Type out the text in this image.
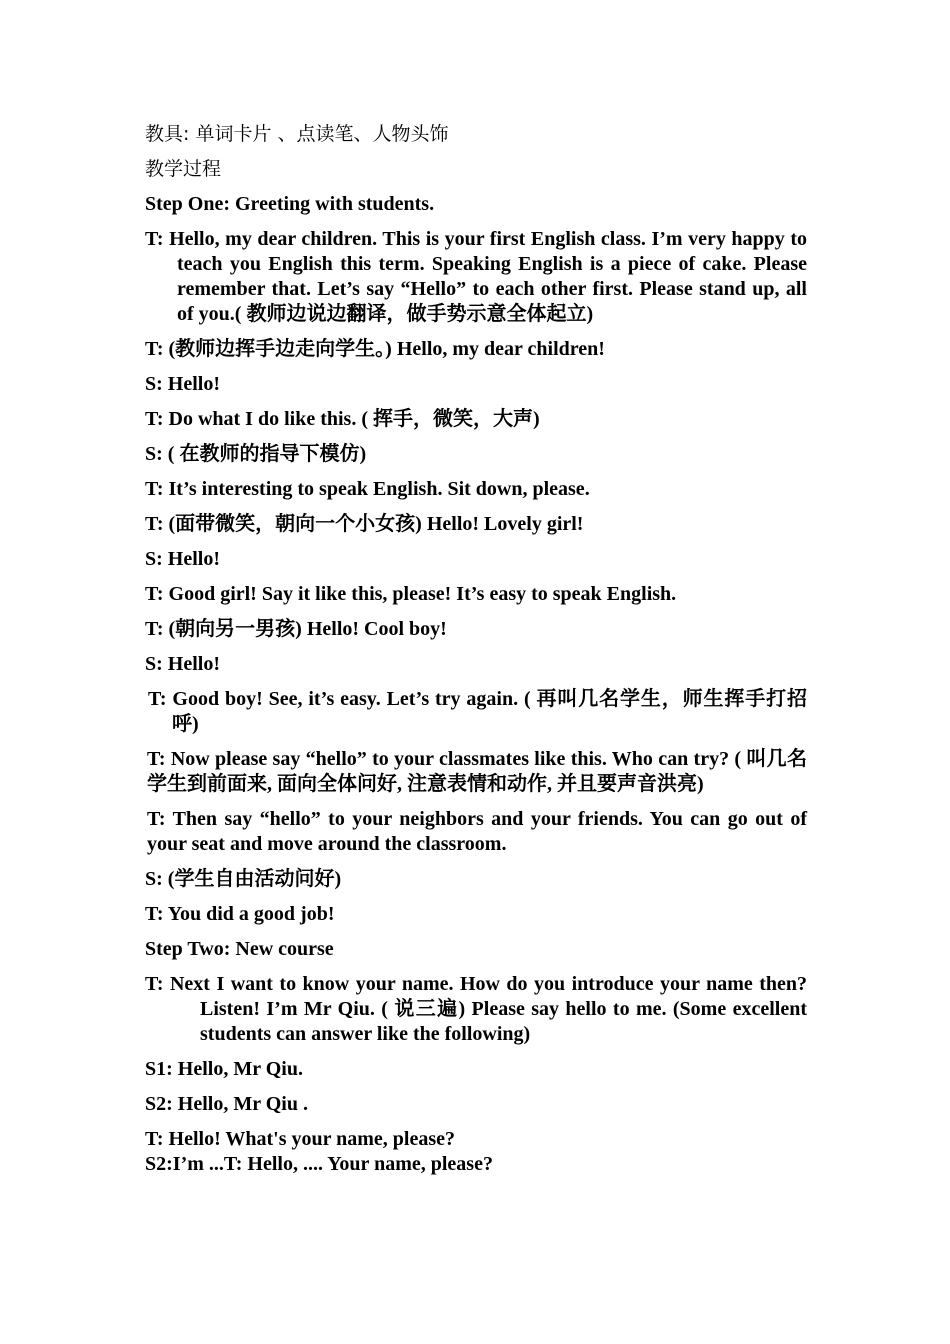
教具: 单词卡片 、点读笔、人物头饰
教学过程
Step One: Greeting with students.
T: Hello, my dear children. This is your first English class. I’m very happy to teach you English this term. Speaking English is a piece of cake. Please remember that. Let’s say “Hello” to each other first. Please stand up, all of you.( 教师边说边翻译，做手势示意全体起立)
T: (教师边挥手边走向学生。) Hello, my dear children!
S: Hello!
T: Do what I do like this. ( 挥手，微笑，大声)
S: ( 在教师的指导下模仿)
T: It’s interesting to speak English. Sit down, please.
T: (面带微笑，朝向一个小女孩) Hello! Lovely girl!
S: Hello!
T: Good girl! Say it like this, please! It’s easy to speak English.
T: (朝向另一男孩) Hello! Cool boy!
S: Hello!
T: Good boy! See, it’s easy. Let’s try again. ( 再叫几名学生，师生挥手打招呼)
T: Now please say “hello” to your classmates like this. Who can try? ( 叫几名学生到前面来, 面向全体问好, 注意表情和动作, 并且要声音洪亮)
T: Then say “hello” to your neighbors and your friends. You can go out of your seat and move around the classroom.
S: (学生自由活动问好)
T: You did a good job!
Step Two: New course
T: Next I want to know your name. How do you introduce your name then? Listen! I’m Mr Qiu. ( 说三遍) Please say hello to me. (Some excellent students can answer like the following)
S1: Hello, Mr Qiu.
S2: Hello, Mr Qiu .
T: Hello! What's your name, please?
S2:I’m ...T: Hello, .... Your name, please?
